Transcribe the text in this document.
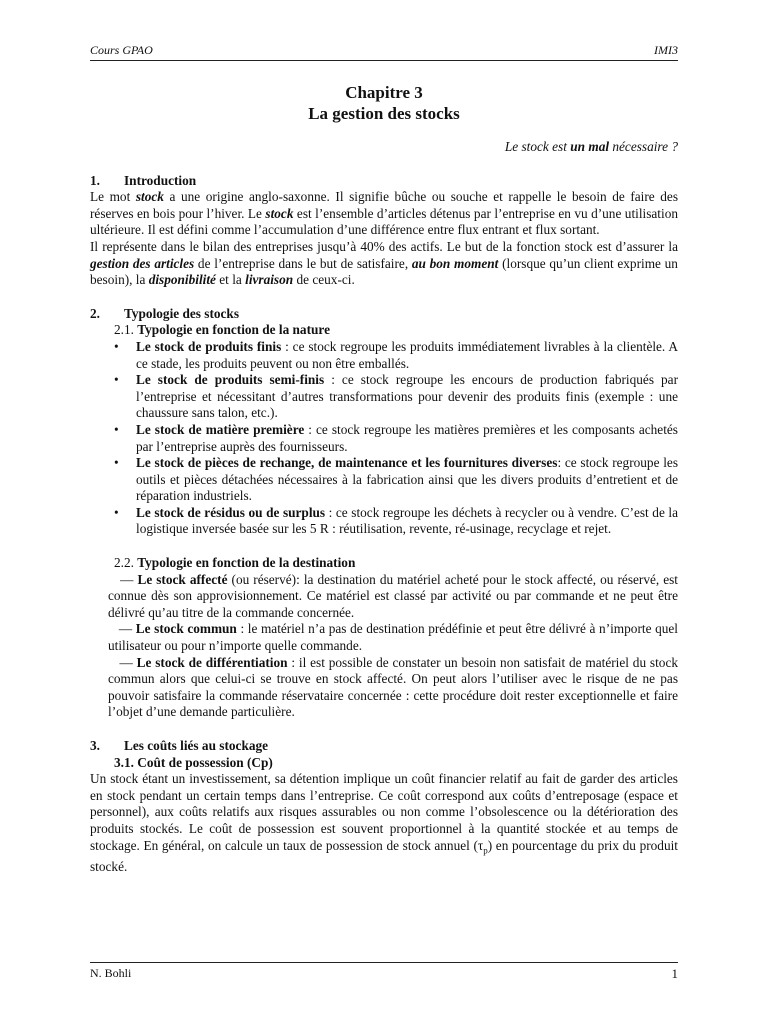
Cours GPAO	IMI3
Chapitre 3
La gestion des stocks
Le stock est un mal nécessaire ?
1. Introduction

Le mot stock a une origine anglo-saxonne. Il signifie bûche ou souche et rappelle le besoin de faire des réserves en bois pour l’hiver. Le stock est l’ensemble d’articles détenus par l’entreprise en vu d’une utilisation ultérieure. Il est défini comme l’accumulation d’une différence entre flux entrant et flux sortant.

Il représente dans le bilan des entreprises jusqu’à 40% des actifs. Le but de la fonction stock est d’assurer la gestion des articles de l’entreprise dans le but de satisfaire, au bon moment (lorsque qu’un client exprime un besoin), la disponibilité et la livraison de ceux-ci.

2. Typologie des stocks
2.1. Typologie en fonction de la nature
• Le stock de produits finis : ce stock regroupe les produits immédiatement livrables à la clientèle. A ce stade, les produits peuvent ou non être emballés.
• Le stock de produits semi-finis : ce stock regroupe les encours de production fabriqués par l’entreprise et nécessitant d’autres transformations pour devenir des produits finis (exemple : une chaussure sans talon, etc.).
• Le stock de matière première : ce stock regroupe les matières premières et les composants achetés par l’entreprise auprès des fournisseurs.
• Le stock de pièces de rechange, de maintenance et les fournitures diverses: ce stock regroupe les outils et pièces détachées nécessaires à la fabrication ainsi que les divers produits d’entretient et de réparation industriels.
• Le stock de résidus ou de surplus : ce stock regroupe les déchets à recycler ou à vendre. C’est de la logistique inversée basée sur les 5 R : réutilisation, revente, ré-usinage, recyclage et rejet.
2.2. Typologie en fonction de la destination

— Le stock affecté (ou réservé): la destination du matériel acheté pour le stock affecté, ou réservé, est connue dès son approvisionnement. Ce matériel est classé par activité ou par commande et ne peut être délivré qu’au titre de la commande concernée.

— Le stock commun : le matériel n’a pas de destination prédéfinie et peut être délivré à n’importe quel utilisateur ou pour n’importe quelle commande.

— Le stock de différentiation : il est possible de constater un besoin non satisfait de matériel du stock commun alors que celui-ci se trouve en stock affecté. On peut alors l’utiliser avec le risque de ne pas pouvoir satisfaire la commande réservataire concernée : cette procédure doit rester exceptionnelle et faire l’objet d’une demande particulière.

3. Les coûts liés au stockage
3.1. Coût de possession (Cp)

Un stock étant un investissement, sa détention implique un coût financier relatif au fait de garder des articles en stock pendant un certain temps dans l’entreprise. Ce coût correspond aux coûts d’entreposage (espace et personnel), aux coûts relatifs aux risques assurables ou non comme l’obsolescence ou la détérioration des produits stockés. Le coût de possession est souvent proportionnel à la quantité stockée et au temps de stockage. En général, on calcule un taux de possession de stock annuel $(\tau_p)$ en pourcentage du prix du produit stocké.

N. Bohli	1
